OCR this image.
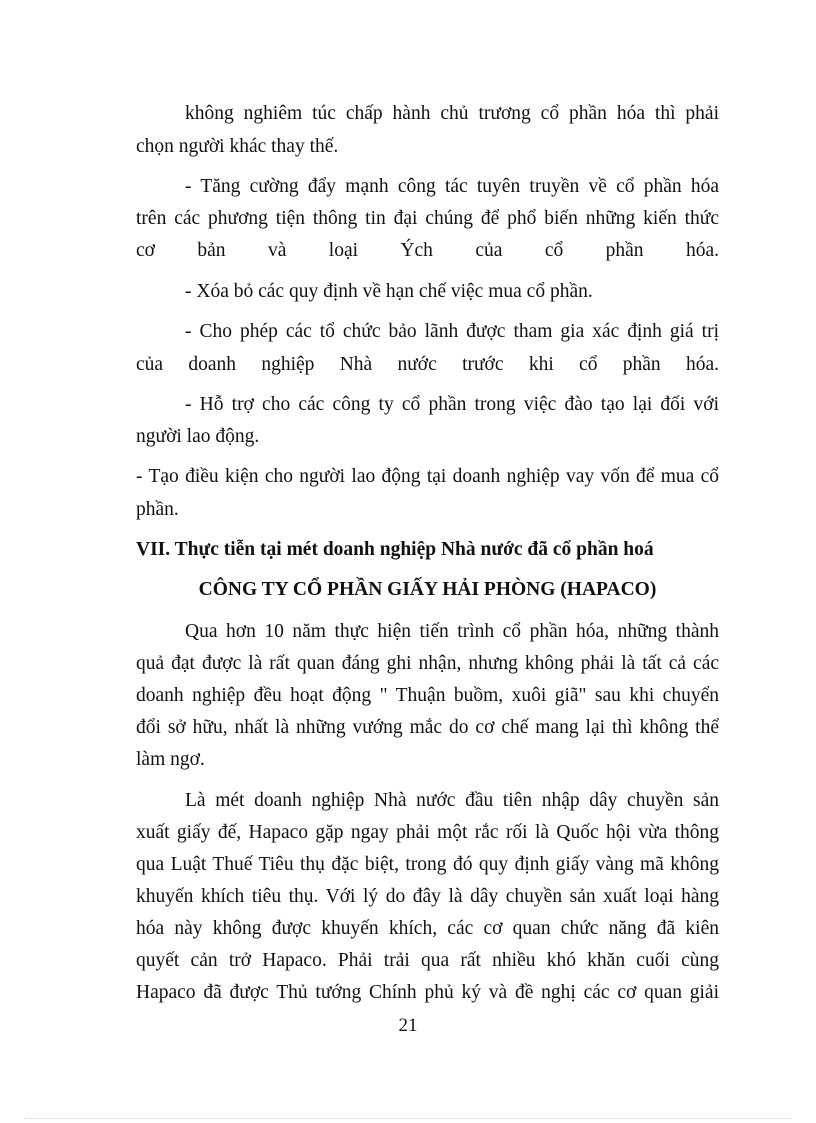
không nghiêm túc chấp hành chủ trương cổ phần hóa thì phải
chọn người khác thay thế.
- Tăng cường đẩy mạnh công tác tuyên truyền về cổ phần hóa
trên các phương tiện thông tin đại chúng để phổ biến những kiến thức
cơ bản và loại Ých của cổ phần hóa.
- Xóa bỏ các quy định về hạn chế việc mua cổ phần.
- Cho phép các tổ chức bảo lãnh được tham gia xác định giá trị
của doanh nghiệp Nhà nước trước khi cổ phần hóa.
- Hỗ trợ cho các công ty cổ phần trong việc đào tạo lại đối với
người lao động.
- Tạo điều kiện cho người lao động tại doanh nghiệp vay vốn để mua cổ
phần.
VII. Thực tiễn tại mét doanh nghiệp Nhà nước đã cổ phần hoá
CÔNG TY CỔ PHẦN GIẤY HẢI PHÒNG (HAPACO)
Qua hơn 10 năm thực hiện tiến trình cổ phần hóa, những thành
quả đạt được là rất quan đáng ghi nhận, nhưng không phải là tất cả các
doanh nghiệp đều hoạt động " Thuận buồm, xuôi giã" sau khi chuyển
đổi sở hữu, nhất là những vướng mắc do cơ chế mang lại thì không thể
làm ngơ.
Là mét doanh nghiệp Nhà nước đầu tiên nhập dây chuyền sản
xuất giấy đế, Hapaco gặp ngay phải một rắc rối là Quốc hội vừa thông
qua Luật Thuế Tiêu thụ đặc biệt, trong đó quy định giấy vàng mã không
khuyến khích tiêu thụ. Với lý do đây là dây chuyền sản xuất loại hàng
hóa này không được khuyến khích, các cơ quan chức năng đã kiên
quyết cản trở Hapaco. Phải trải qua rất nhiều khó khăn cuối cùng
Hapaco đã được Thủ tướng Chính phủ ký và đề nghị các cơ quan giải
21
